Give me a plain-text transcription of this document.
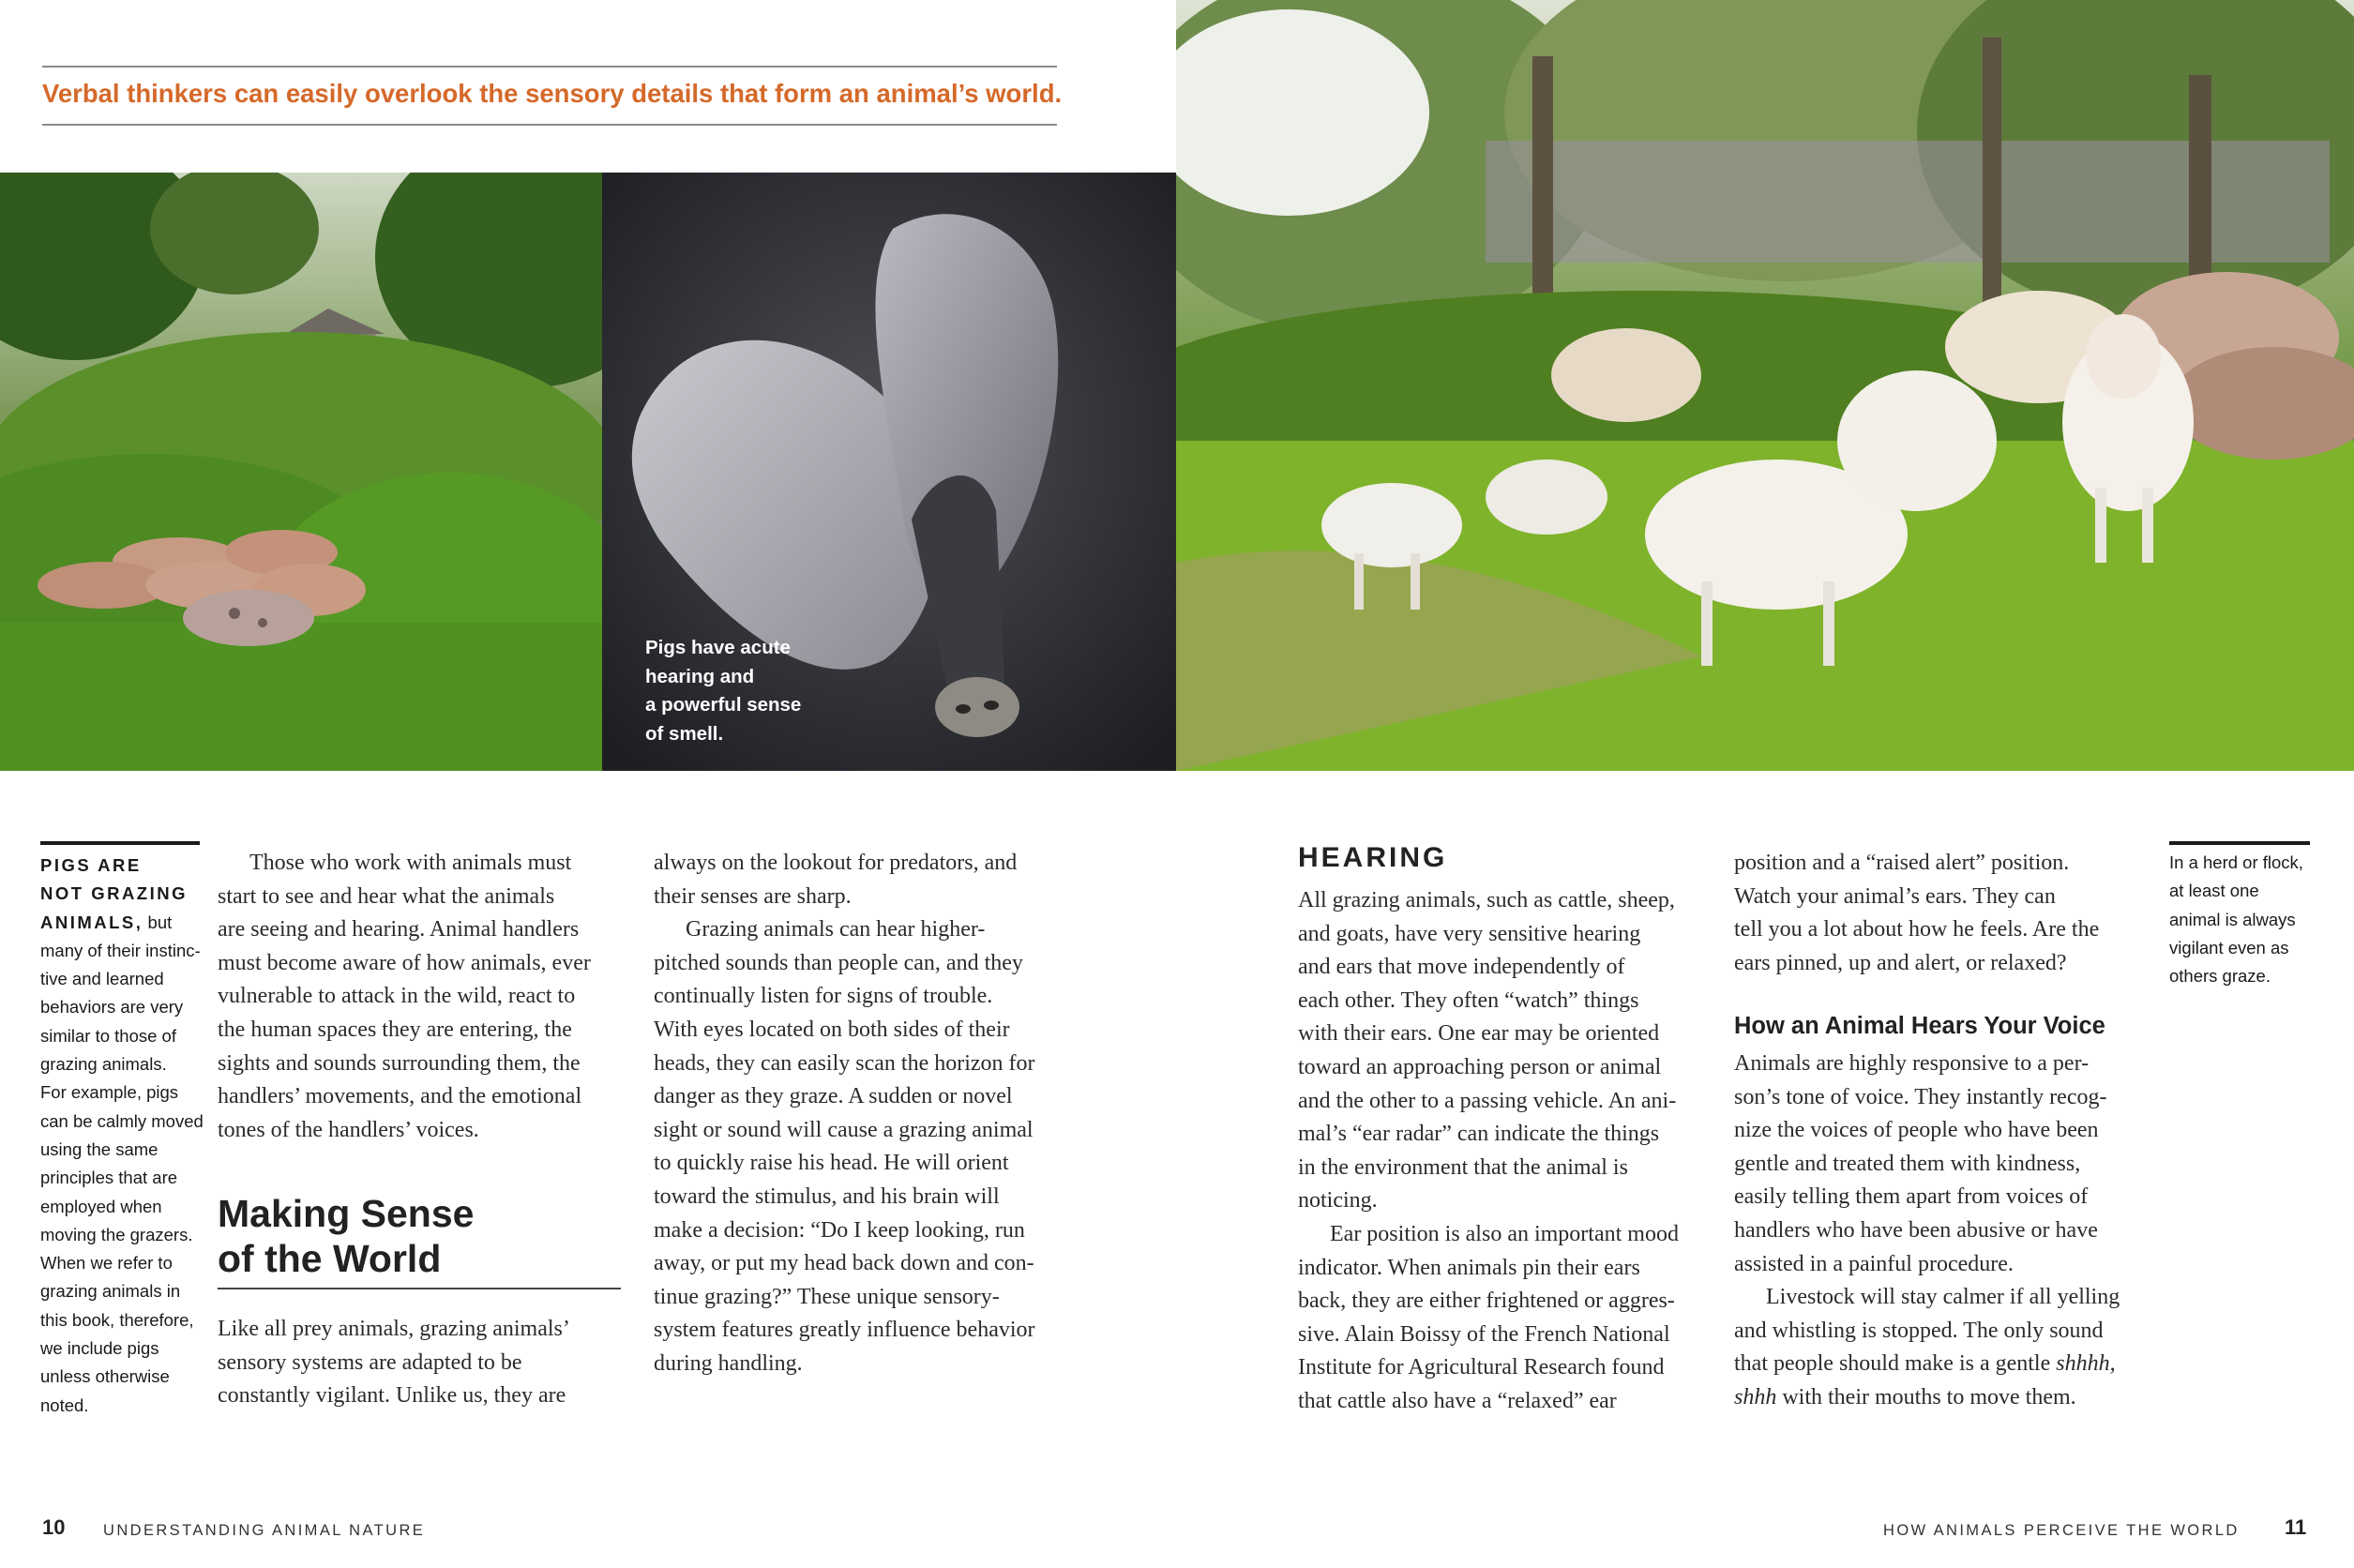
Verbal thinkers can easily overlook the sensory details that form an animal’s world.
Pigs have acute
hearing and
a powerful sense
of smell.
PIGS ARE
NOT GRAZING
ANIMALS, but
many of their instinc-
tive and learned
behaviors are very
similar to those of
grazing animals.
For example, pigs
can be calmly moved
using the same
principles that are
employed when
moving the grazers.
When we refer to
grazing animals in
this book, therefore,
we include pigs
unless otherwise
noted.
Those who work with animals must
start to see and hear what the animals
are seeing and hearing. Animal handlers
must become aware of how animals, ever
vulnerable to attack in the wild, react to
the human spaces they are entering, the
sights and sounds surrounding them, the
handlers’ movements, and the emotional
tones of the handlers’ voices.
Making Sense
of the World
Like all prey animals, grazing animals’
sensory systems are adapted to be
constantly vigilant. Unlike us, they are
always on the lookout for predators, and
their senses are sharp.
Grazing animals can hear higher-
pitched sounds than people can, and they
continually listen for signs of trouble.
With eyes located on both sides of their
heads, they can easily scan the horizon for
danger as they graze. A sudden or novel
sight or sound will cause a grazing animal
to quickly raise his head. He will orient
toward the stimulus, and his brain will
make a decision: “Do I keep looking, run
away, or put my head back down and con-
tinue grazing?” These unique sensory-
system features greatly influence behavior
during handling.
HEARING
All grazing animals, such as cattle, sheep,
and goats, have very sensitive hearing
and ears that move independently of
each other. They often “watch” things
with their ears. One ear may be oriented
toward an approaching person or animal
and the other to a passing vehicle. An ani-
mal’s “ear radar” can indicate the things
in the environment that the animal is
noticing.
Ear position is also an important mood
indicator. When animals pin their ears
back, they are either frightened or aggres-
sive. Alain Boissy of the French National
Institute for Agricultural Research found
that cattle also have a “relaxed” ear
position and a “raised alert” position.
Watch your animal’s ears. They can
tell you a lot about how he feels. Are the
ears pinned, up and alert, or relaxed?
How an Animal Hears Your Voice
Animals are highly responsive to a per-
son’s tone of voice. They instantly recog-
nize the voices of people who have been
gentle and treated them with kindness,
easily telling them apart from voices of
handlers who have been abusive or have
assisted in a painful procedure.
Livestock will stay calmer if all yelling
and whistling is stopped. The only sound
that people should make is a gentle shhhh,
shhh with their mouths to move them.
In a herd or flock,
at least one
animal is always
vigilant even as
others graze.
10 UNDERSTANDING ANIMAL NATURE	HOW ANIMALS PERCEIVE THE WORLD 11
